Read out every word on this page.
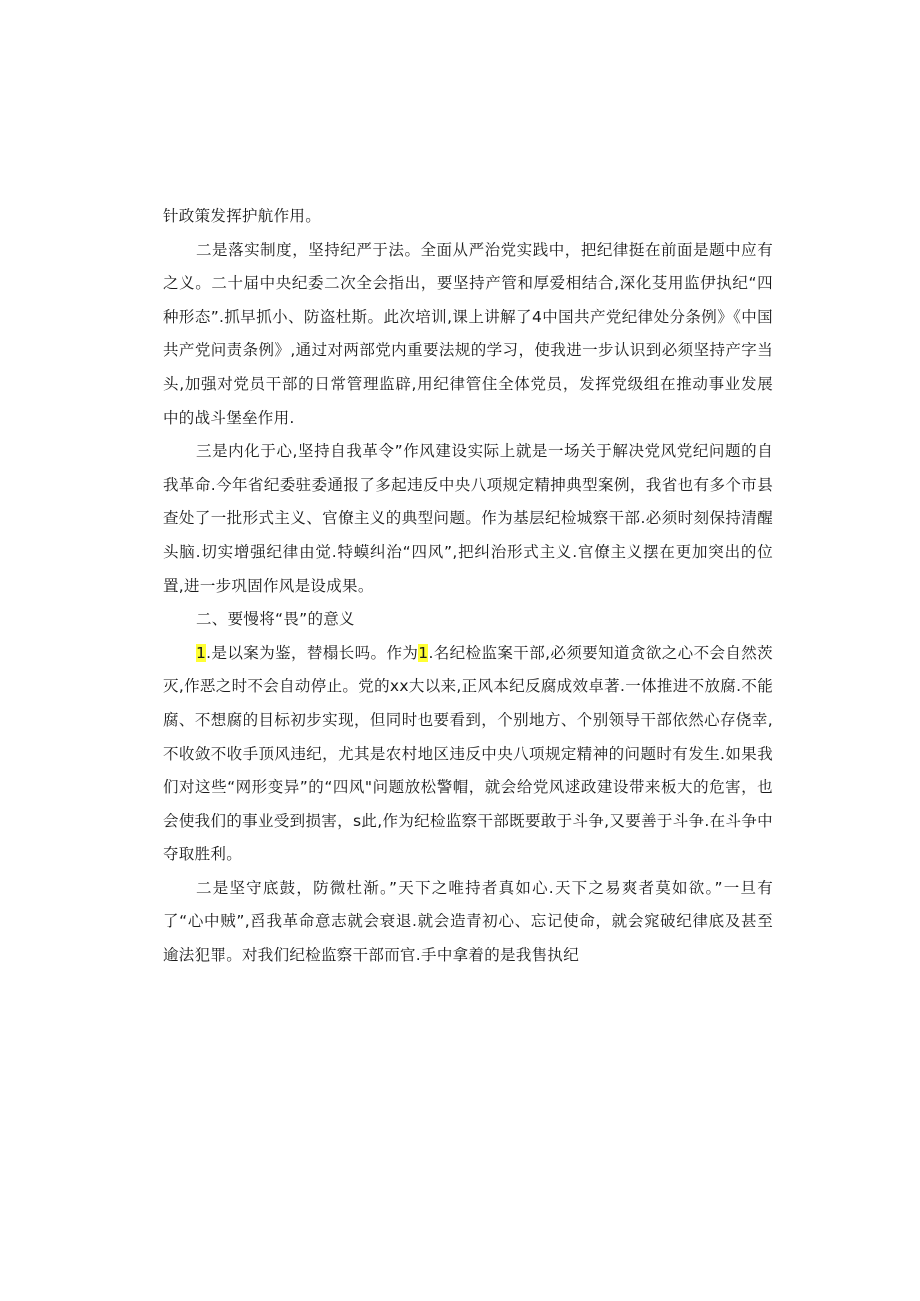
针政策发挥护航作用。

二是落实制度，坚持纪严于法。全面从严治党实践中，把纪律挺在前面是题中应有之义。二十届中央纪委二次全会指出，要坚持产管和厚爱相结合,深化芟用监伊执纪“四种形态”.抓早抓小、防盗杜斯。此次培训,课上讲解了4中国共产党纪律处分条例》《中国共产党问责条例》,通过对两部党内重要法规的学习，使我进一步认识到必须坚持产字当头,加强对党员干部的日常管理监辟,用纪律管住全体党员，发挥党级组在推动事业发展中的战斗堡垒作用.

三是内化于心,坚持自我革令”作风建设实际上就是一场关于解决党风党纪问题的自我革命.今年省纪委驻委通报了多起违反中央八项规定精抻典型案例，我省也有多个市县查处了一批形式主义、官僚主义的典型问题。作为基层纪检城察干部.必须时刻保持清醒头脑.切实增强纪律由觉.特蟆纠治“四风”,把纠治形式主义.官僚主义摆在更加突出的位置,进一步巩固作风是设成果。

二、要慢将“畏”的意义

1.是以案为鉴，替榻长吗。作为1.名纪检监案干部,必须要知道贪欲之心不会自然茨灭,作恶之时不会自动停止。党的xx大以来,正风本纪反腐成效卓著.一体推进不放腐.不能腐、不想腐的目标初步实现，但同时也要看到，个别地方、个别领导干部依然心存侥幸,不收敛不收手顶风违纪，尤其是农村地区违反中央八项规定精神的问题时有发生.如果我们对这些“网形变异”的“四风"问题放松警帽，就会给党风逑政建设带来板大的危害，也会使我们的事业受到损害，s此,作为纪检监察干部既要敢于斗争,又要善于斗争.在斗争中夺取胜利。

二是坚守底鼓，防微杜渐。”天下之唯持者真如心.天下之易爽者莫如欲。”一旦有了“心中贼”,舀我革命意志就会衰退.就会造青初心、忘记使命，就会窕破纪律底及甚至逾法犯罪。对我们纪检监察干部而官.手中拿着的是我售执纪
